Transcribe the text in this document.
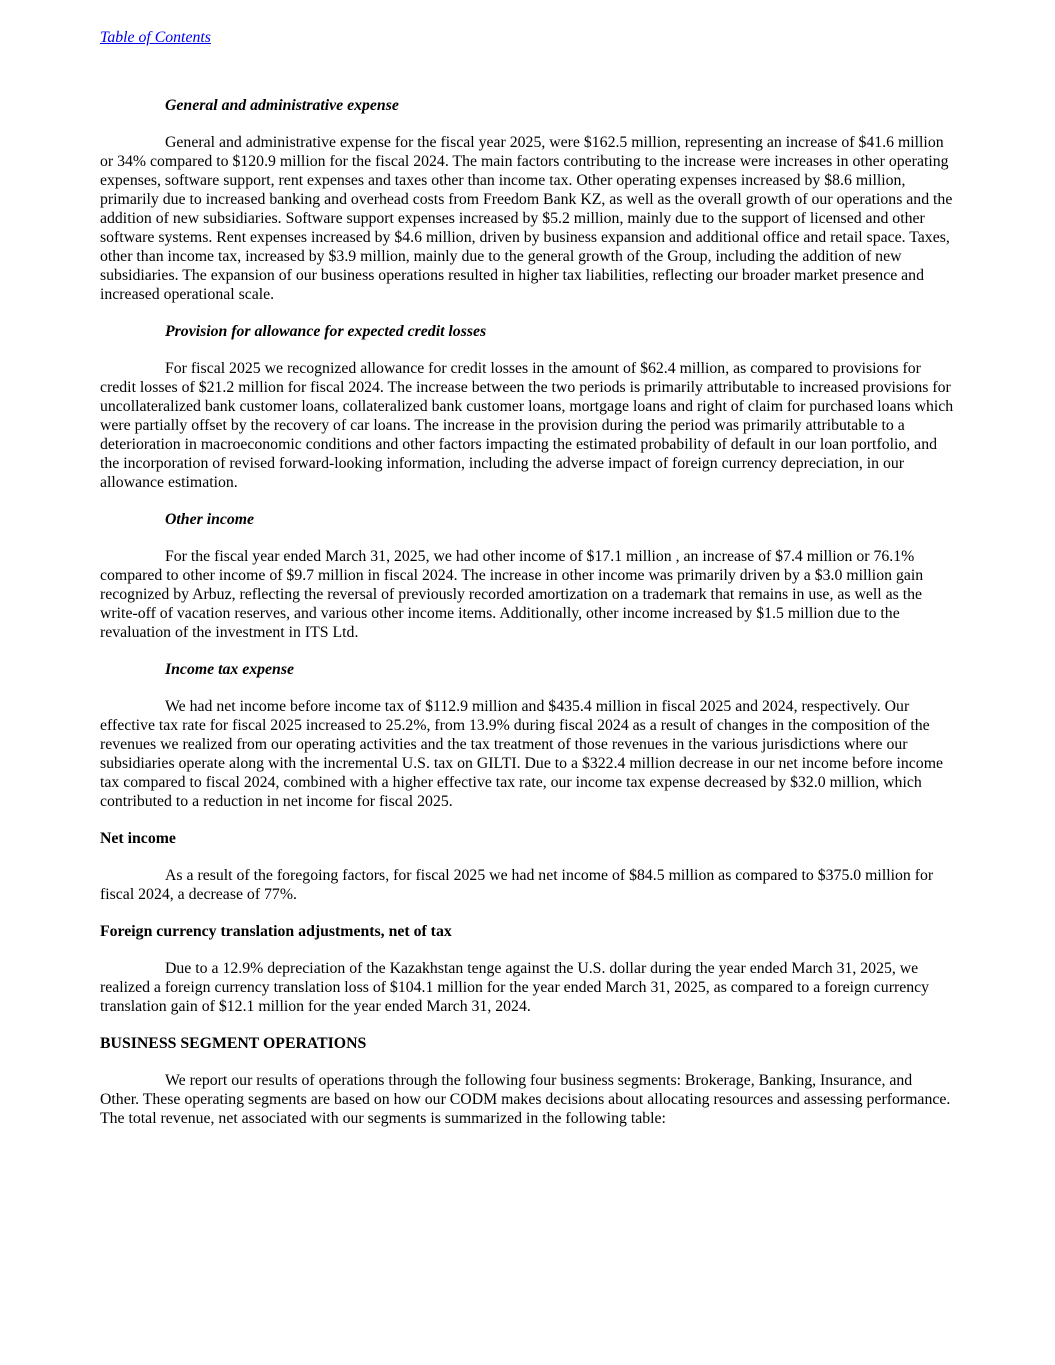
Table of Contents
General and administrative expense

General and administrative expense for the fiscal year 2025, were $162.5 million, representing an increase of $41.6 million or 34% compared to $120.9 million for the fiscal 2024. The main factors contributing to the increase were increases in other operating expenses, software support, rent expenses and taxes other than income tax. Other operating expenses increased by $8.6 million, primarily due to increased banking and overhead costs from Freedom Bank KZ, as well as the overall growth of our operations and the addition of new subsidiaries. Software support expenses increased by $5.2 million, mainly due to the support of licensed and other software systems. Rent expenses increased by $4.6 million, driven by business expansion and additional office and retail space. Taxes, other than income tax, increased by $3.9 million, mainly due to the general growth of the Group, including the addition of new subsidiaries. The expansion of our business operations resulted in higher tax liabilities, reflecting our broader market presence and increased operational scale.

Provision for allowance for expected credit losses

For fiscal 2025 we recognized allowance for credit losses in the amount of $62.4 million, as compared to provisions for credit losses of $21.2 million for fiscal 2024. The increase between the two periods is primarily attributable to increased provisions for uncollateralized bank customer loans, collateralized bank customer loans, mortgage loans and right of claim for purchased loans which were partially offset by the recovery of car loans. The increase in the provision during the period was primarily attributable to a deterioration in macroeconomic conditions and other factors impacting the estimated probability of default in our loan portfolio, and the incorporation of revised forward-looking information, including the adverse impact of foreign currency depreciation, in our allowance estimation.

Other income

For the fiscal year ended March 31, 2025, we had other income of $17.1 million , an increase of $7.4 million or 76.1% compared to other income of $9.7 million in fiscal 2024. The increase in other income was primarily driven by a $3.0 million gain recognized by Arbuz, reflecting the reversal of previously recorded amortization on a trademark that remains in use, as well as the write-off of vacation reserves, and various other income items. Additionally, other income increased by $1.5 million due to the revaluation of the investment in ITS Ltd.

Income tax expense

We had net income before income tax of $112.9 million and $435.4 million in fiscal 2025 and 2024, respectively. Our effective tax rate for fiscal 2025 increased to 25.2%, from 13.9% during fiscal 2024 as a result of changes in the composition of the revenues we realized from our operating activities and the tax treatment of those revenues in the various jurisdictions where our subsidiaries operate along with the incremental U.S. tax on GILTI. Due to a $322.4 million decrease in our net income before income tax compared to fiscal 2024, combined with a higher effective tax rate, our income tax expense decreased by $32.0 million, which contributed to a reduction in net income for fiscal 2025.

Net income

As a result of the foregoing factors, for fiscal 2025 we had net income of $84.5 million as compared to $375.0 million for fiscal 2024, a decrease of 77%.

Foreign currency translation adjustments, net of tax

Due to a 12.9% depreciation of the Kazakhstan tenge against the U.S. dollar during the year ended March 31, 2025, we realized a foreign currency translation loss of $104.1 million for the year ended March 31, 2025, as compared to a foreign currency translation gain of $12.1 million for the year ended March 31, 2024.

BUSINESS SEGMENT OPERATIONS

We report our results of operations through the following four business segments: Brokerage, Banking, Insurance, and Other. These operating segments are based on how our CODM makes decisions about allocating resources and assessing performance. The total revenue, net associated with our segments is summarized in the following table:
